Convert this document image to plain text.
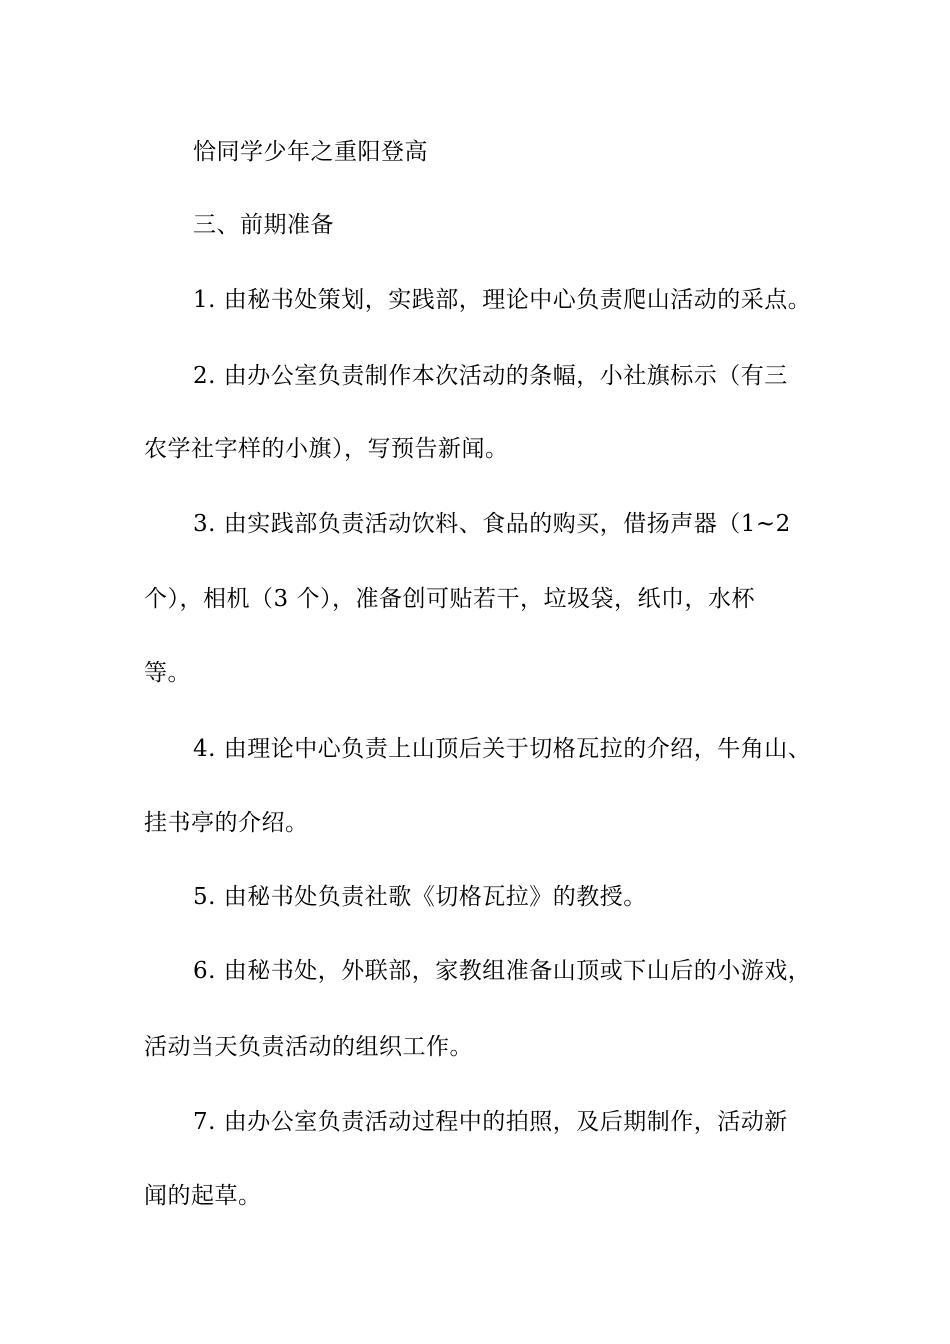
恰同学少年之重阳登高
三、前期准备
1. 由秘书处策划，实践部，理论中心负责爬山活动的采点。
2. 由办公室负责制作本次活动的条幅，小社旗标示（有三
农学社字样的小旗），写预告新闻。
3. 由实践部负责活动饮料、食品的购买，借扬声器（1~2
个），相机（3 个），准备创可贴若干，垃圾袋，纸巾，水杯
等。
4. 由理论中心负责上山顶后关于切格瓦拉的介绍，牛角山、
挂书亭的介绍。
5. 由秘书处负责社歌《切格瓦拉》的教授。
6. 由秘书处，外联部，家教组准备山顶或下山后的小游戏，
活动当天负责活动的组织工作。
7. 由办公室负责活动过程中的拍照，及后期制作，活动新
闻的起草。
